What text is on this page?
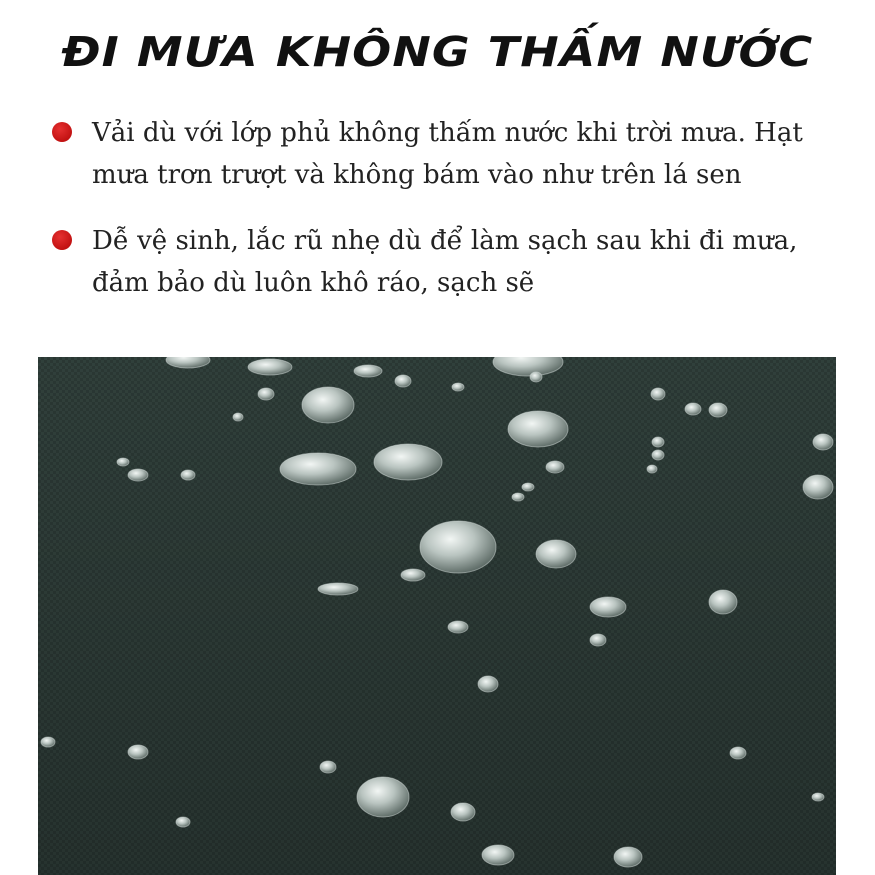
ĐI MƯA KHÔNG THẤM NƯỚC
Vải dù với lớp phủ không thấm nước khi trời mưa. Hạt mưa trơn trượt và không bám vào như trên lá sen
Dễ vệ sinh, lắc rũ nhẹ dù để làm sạch sau khi đi mưa, đảm bảo dù luôn khô ráo, sạch sẽ
